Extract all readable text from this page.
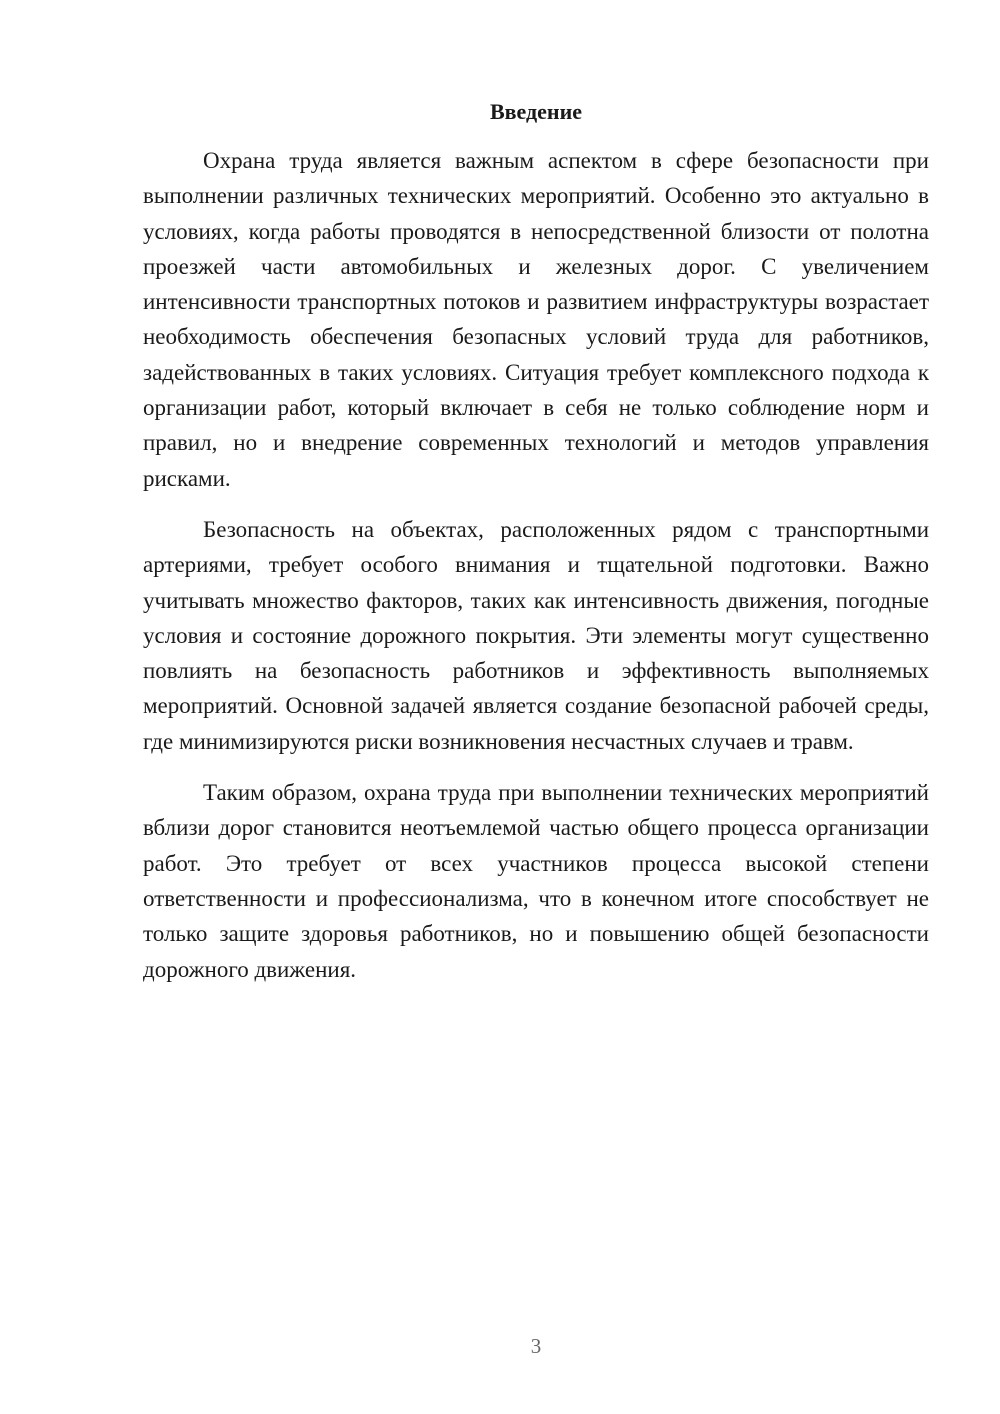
Введение

Охрана труда является важным аспектом в сфере безопасности при выполнении различных технических мероприятий. Особенно это актуально в условиях, когда работы проводятся в непосредственной близости от полотна проезжей части автомобильных и железных дорог. С увеличением интенсивности транспортных потоков и развитием инфраструктуры возрастает необходимость обеспечения безопасных условий труда для работников, задействованных в таких условиях. Ситуация требует комплексного подхода к организации работ, который включает в себя не только соблюдение норм и правил, но и внедрение современных технологий и методов управления рисками.

Безопасность на объектах, расположенных рядом с транспортными артериями, требует особого внимания и тщательной подготовки. Важно учитывать множество факторов, таких как интенсивность движения, погодные условия и состояние дорожного покрытия. Эти элементы могут существенно повлиять на безопасность работников и эффективность выполняемых мероприятий. Основной задачей является создание безопасной рабочей среды, где минимизируются риски возникновения несчастных случаев и травм.

Таким образом, охрана труда при выполнении технических мероприятий вблизи дорог становится неотъемлемой частью общего процесса организации работ. Это требует от всех участников процесса высокой степени ответственности и профессионализма, что в конечном итоге способствует не только защите здоровья работников, но и повышению общей безопасности дорожного движения.

3
